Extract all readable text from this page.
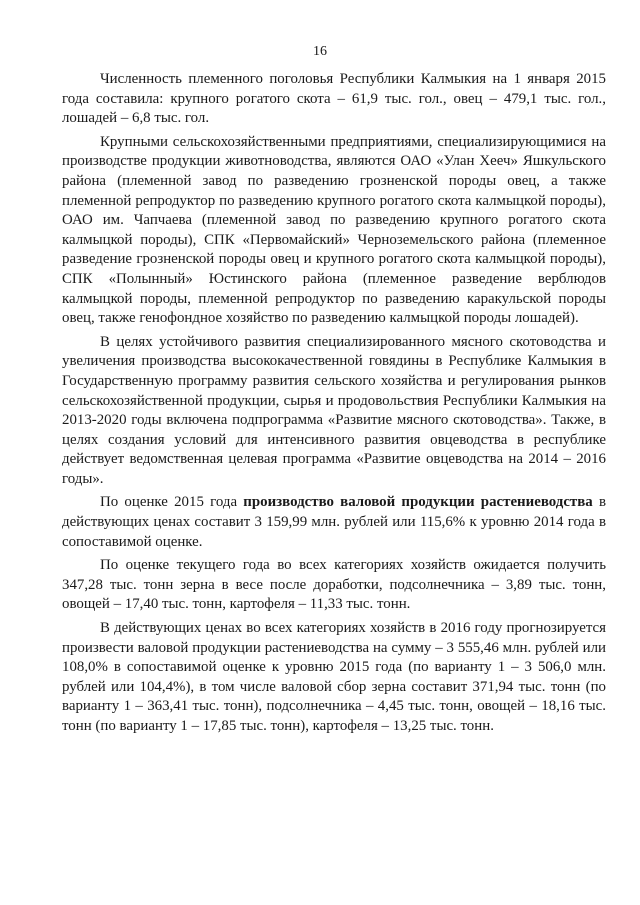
16

Численность племенного поголовья Республики Калмыкия на 1 января 2015 года составила: крупного рогатого скота – 61,9 тыс. гол., овец – 479,1 тыс. гол., лошадей – 6,8 тыс. гол.

Крупными сельскохозяйственными предприятиями, специализирующимися на производстве продукции животноводства, являются ОАО «Улан Хееч» Яшкульского района (племенной завод по разведению грозненской породы овец, а также племенной репродуктор по разведению крупного рогатого скота калмыцкой породы), ОАО им. Чапчаева (племенной завод по разведению крупного рогатого скота калмыцкой породы), СПК «Первомайский» Черноземельского района (племенное разведение грозненской породы овец и крупного рогатого скота калмыцкой породы), СПК «Полынный» Юстинского района (племенное разведение верблюдов калмыцкой породы, племенной репродуктор по разведению каракульской породы овец, также генофондное хозяйство по разведению калмыцкой породы лошадей).

В целях устойчивого развития специализированного мясного скотоводства и увеличения производства высококачественной говядины в Республике Калмыкия в Государственную программу развития сельского хозяйства и регулирования рынков сельскохозяйственной продукции, сырья и продовольствия Республики Калмыкия на 2013-2020 годы включена подпрограмма «Развитие мясного скотоводства». Также, в целях создания условий для интенсивного развития овцеводства в республике действует ведомственная целевая программа «Развитие овцеводства на 2014 – 2016 годы».

По оценке 2015 года производство валовой продукции растениеводства в действующих ценах составит 3 159,99 млн. рублей или 115,6% к уровню 2014 года в сопоставимой оценке.

По оценке текущего года во всех категориях хозяйств ожидается получить 347,28 тыс. тонн зерна в весе после доработки, подсолнечника – 3,89 тыс. тонн, овощей – 17,40 тыс. тонн, картофеля – 11,33 тыс. тонн.

В действующих ценах во всех категориях хозяйств в 2016 году прогнозируется произвести валовой продукции растениеводства на сумму – 3 555,46 млн. рублей или 108,0% в сопоставимой оценке к уровню 2015 года (по варианту 1 – 3 506,0 млн. рублей или 104,4%), в том числе валовой сбор зерна составит 371,94 тыс. тонн (по варианту 1 – 363,41 тыс. тонн), подсолнечника – 4,45 тыс. тонн, овощей – 18,16 тыс. тонн (по варианту 1 – 17,85 тыс. тонн), картофеля – 13,25 тыс. тонн.
